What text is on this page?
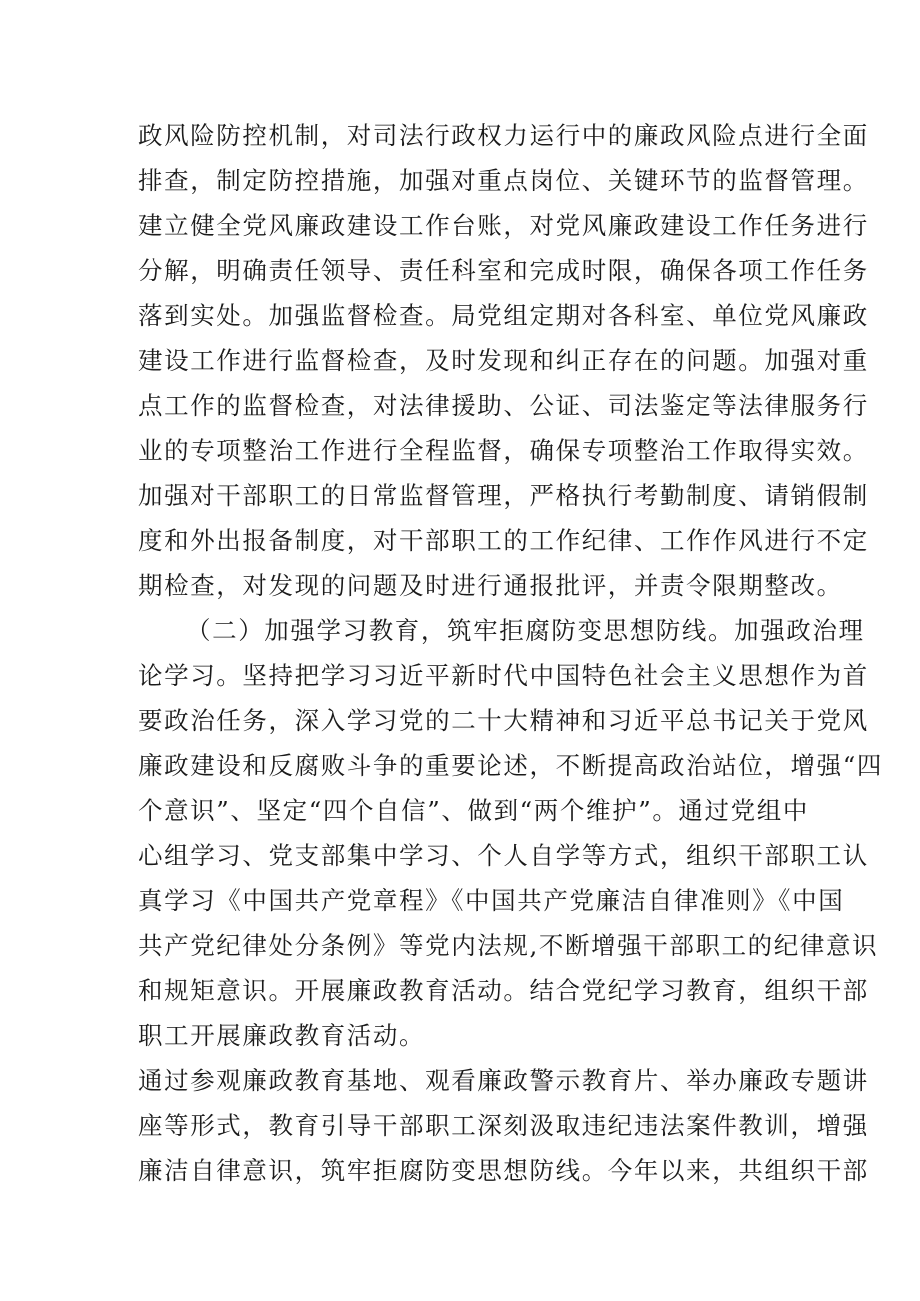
政风险防控机制，对司法行政权力运行中的廉政风险点进行全面
排查，制定防控措施，加强对重点岗位、关键环节的监督管理。
建立健全党风廉政建设工作台账，对党风廉政建设工作任务进行
分解，明确责任领导、责任科室和完成时限，确保各项工作任务
落到实处。加强监督检查。局党组定期对各科室、单位党风廉政
建设工作进行监督检查，及时发现和纠正存在的问题。加强对重
点工作的监督检查，对法律援助、公证、司法鉴定等法律服务行
业的专项整治工作进行全程监督，确保专项整治工作取得实效。
加强对干部职工的日常监督管理，严格执行考勤制度、请销假制
度和外出报备制度，对干部职工的工作纪律、工作作风进行不定
期检查，对发现的问题及时进行通报批评，并责令限期整改。
（二）加强学习教育，筑牢拒腐防变思想防线。加强政治理
论学习。坚持把学习习近平新时代中国特色社会主义思想作为首
要政治任务，深入学习党的二十大精神和习近平总书记关于党风
廉政建设和反腐败斗争的重要论述，不断提高政治站位，增强“四
个意识”、坚定“四个自信”、做到“两个维护”。通过党组中
心组学习、党支部集中学习、个人自学等方式，组织干部职工认
真学习《中国共产党章程》《中国共产党廉洁自律准则》《中国
共产党纪律处分条例》等党内法规,不断增强干部职工的纪律意识
和规矩意识。开展廉政教育活动。结合党纪学习教育，组织干部
职工开展廉政教育活动。
通过参观廉政教育基地、观看廉政警示教育片、举办廉政专题讲
座等形式，教育引导干部职工深刻汲取违纪违法案件教训，增强
廉洁自律意识，筑牢拒腐防变思想防线。今年以来，共组织干部
